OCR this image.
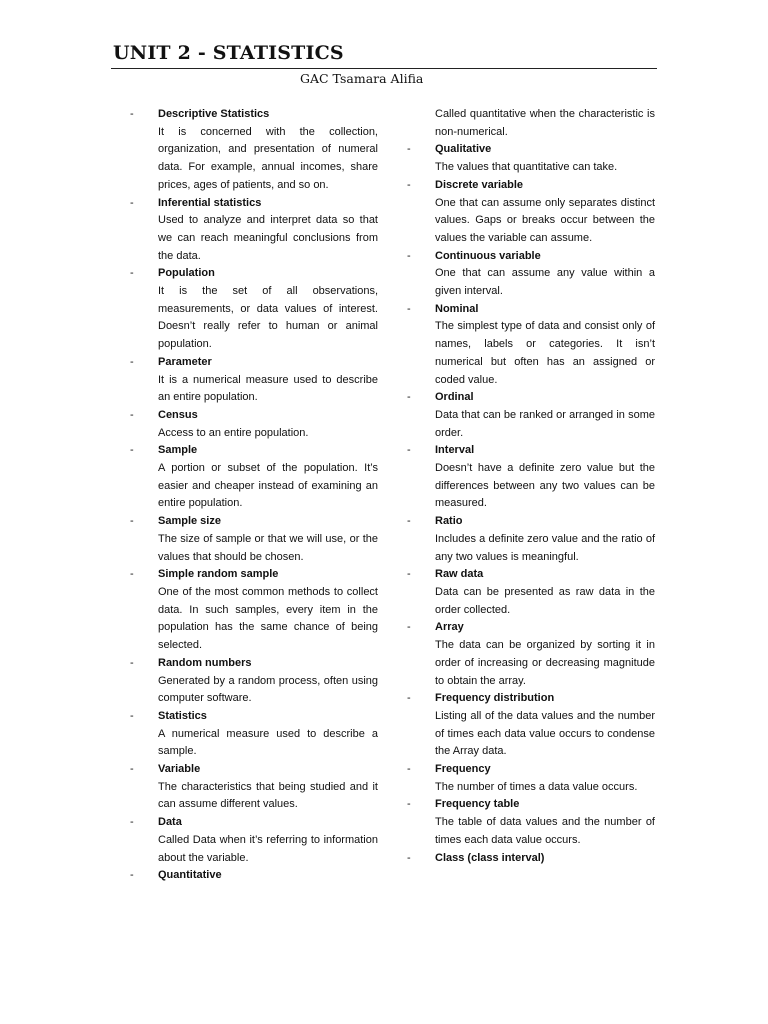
UNIT 2 - STATISTICS
GAC Tsamara Alifia
- Descriptive Statistics
It is concerned with the collection, organization, and presentation of numeral data. For example, annual incomes, share prices, ages of patients, and so on.
- Inferential statistics
Used to analyze and interpret data so that we can reach meaningful conclusions from the data.
- Population
It is the set of all observations, measurements, or data values of interest. Doesn’t really refer to human or animal population.
- Parameter
It is a numerical measure used to describe an entire population.
- Census
Access to an entire population.
- Sample
A portion or subset of the population. It’s easier and cheaper instead of examining an entire population.
- Sample size
The size of sample or that we will use, or the values that should be chosen.
- Simple random sample
One of the most common methods to collect data. In such samples, every item in the population has the same chance of being selected.
- Random numbers
Generated by a random process, often using computer software.
- Statistics
A numerical measure used to describe a sample.
- Variable
The characteristics that being studied and it can assume different values.
- Data
Called Data when it’s referring to information about the variable.
- Quantitative
Called quantitative when the characteristic is non-numerical.
- Qualitative
The values that quantitative can take.
- Discrete variable
One that can assume only separates distinct values. Gaps or breaks occur between the values the variable can assume.
- Continuous variable
One that can assume any value within a given interval.
- Nominal
The simplest type of data and consist only of names, labels or categories. It isn’t numerical but often has an assigned or coded value.
- Ordinal
Data that can be ranked or arranged in some order.
- Interval
Doesn’t have a definite zero value but the differences between any two values can be measured.
- Ratio
Includes a definite zero value and the ratio of any two values is meaningful.
- Raw data
Data can be presented as raw data in the order collected.
- Array
The data can be organized by sorting it in order of increasing or decreasing magnitude to obtain the array.
- Frequency distribution
Listing all of the data values and the number of times each data value occurs to condense the Array data.
- Frequency
The number of times a data value occurs.
- Frequency table
The table of data values and the number of times each data value occurs.
- Class (class interval)
